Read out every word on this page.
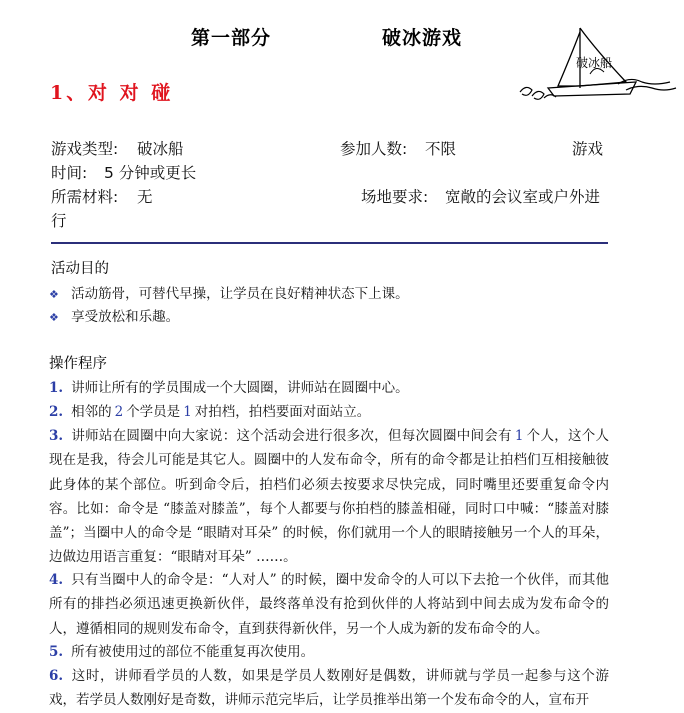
第一部分	破冰游戏
破冰船
1、 对 对 碰
游戏类型: 破冰船	参加人数: 不限	游戏
时间: 5 分钟或更长
所需材料: 无	场地要求: 宽敞的会议室或户外进
行
活动目的
❖ 活动筋骨，可替代早操，让学员在良好精神状态下上课。
❖ 享受放松和乐趣。
操作程序
1. 讲师让所有的学员围成一个大圆圈，讲师站在圆圈中心。
2. 相邻的 2 个学员是 1 对拍档，拍档要面对面站立。
3. 讲师站在圆圈中向大家说：这个活动会进行很多次，但每次圆圈中间会有 1 个人，这个人现在是我，待会儿可能是其它人。圆圈中的人发布命令，所有的命令都是让拍档们互相接触彼此身体的某个部位。听到命令后，拍档们必须去按要求尽快完成，同时嘴里还要重复命令内容。比如：命令是 “膝盖对膝盖”，每个人都要与你拍档的膝盖相碰，同时口中喊：“膝盖对膝盖”；当圈中人的命令是 “眼睛对耳朵” 的时候，你们就用一个人的眼睛接触另一个人的耳朵，边做边用语言重复：“眼睛对耳朵” ……。
4. 只有当圈中人的命令是：“人对人” 的时候，圈中发命令的人可以下去抢一个伙伴，而其他所有的排挡必须迅速更换新伙伴，最终落单没有抢到伙伴的人将站到中间去成为发布命令的人，遵循相同的规则发布命令，直到获得新伙伴，另一个人成为新的发布命令的人。
5. 所有被使用过的部位不能重复再次使用。
6. 这时，讲师看学员的人数，如果是学员人数刚好是偶数，讲师就与学员一起参与这个游戏，若学员人数刚好是奇数，讲师示范完毕后，让学员推举出第一个发布命令的人，宣布开
